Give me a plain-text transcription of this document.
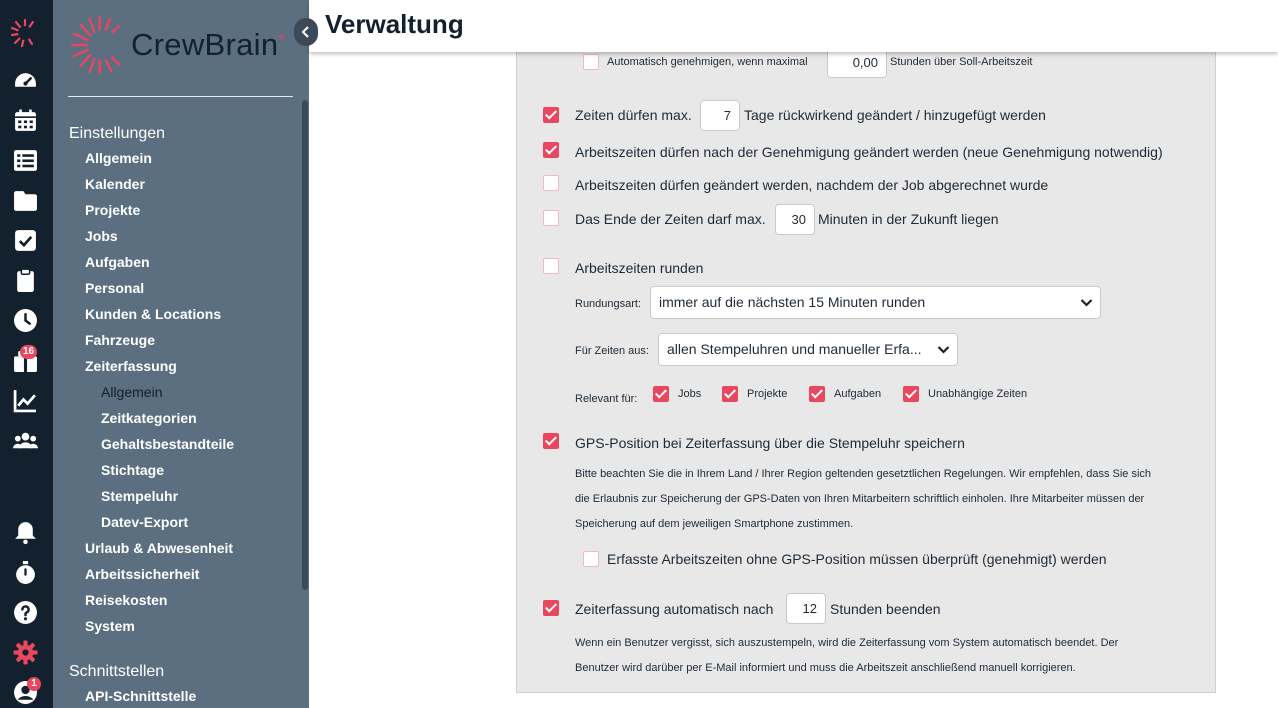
16
1
CrewBrain®
Einstellungen
Allgemein
Kalender
Projekte
Jobs
Aufgaben
Personal
Kunden & Locations
Fahrzeuge
Zeiterfassung
Allgemein
Zeitkategorien
Gehaltsbestandteile
Stichtage
Stempeluhr
Datev-Export
Urlaub & Abwesenheit
Arbeitssicherheit
Reisekosten
System
Schnittstellen
API-Schnittstelle
Verwaltung
Automatisch genehmigen, wenn maximal	0,00	Stunden über Soll-Arbeitszeit
Zeiten dürfen max.	7 Tage rückwirkend geändert / hinzugefügt werden
Arbeitszeiten dürfen nach der Genehmigung geändert werden (neue Genehmigung notwendig)
Arbeitszeiten dürfen geändert werden, nachdem der Job abgerechnet wurde
Das Ende der Zeiten darf max.	30 Minuten in der Zukunft liegen
Arbeitszeiten runden
Rundungsart:	immer auf die nächsten 15 Minuten runden
Für Zeiten aus:	allen Stempeluhren und manueller Erfa...
Relevant für:	Jobs	Projekte	Aufgaben	Unabhängige Zeiten
GPS-Position bei Zeiterfassung über die Stempeluhr speichern
Bitte beachten Sie die in Ihrem Land / Ihrer Region geltenden gesetztlichen Regelungen. Wir empfehlen, dass Sie sich
die Erlaubnis zur Speicherung der GPS-Daten von Ihren Mitarbeitern schriftlich einholen. Ihre Mitarbeiter müssen der
Speicherung auf dem jeweiligen Smartphone zustimmen.
Erfasste Arbeitszeiten ohne GPS-Position müssen überprüft (genehmigt) werden
Zeiterfassung automatisch nach	12 Stunden beenden
Wenn ein Benutzer vergisst, sich auszustempeln, wird die Zeiterfassung vom System automatisch beendet. Der
Benutzer wird darüber per E-Mail informiert und muss die Arbeitszeit anschließend manuell korrigieren.
